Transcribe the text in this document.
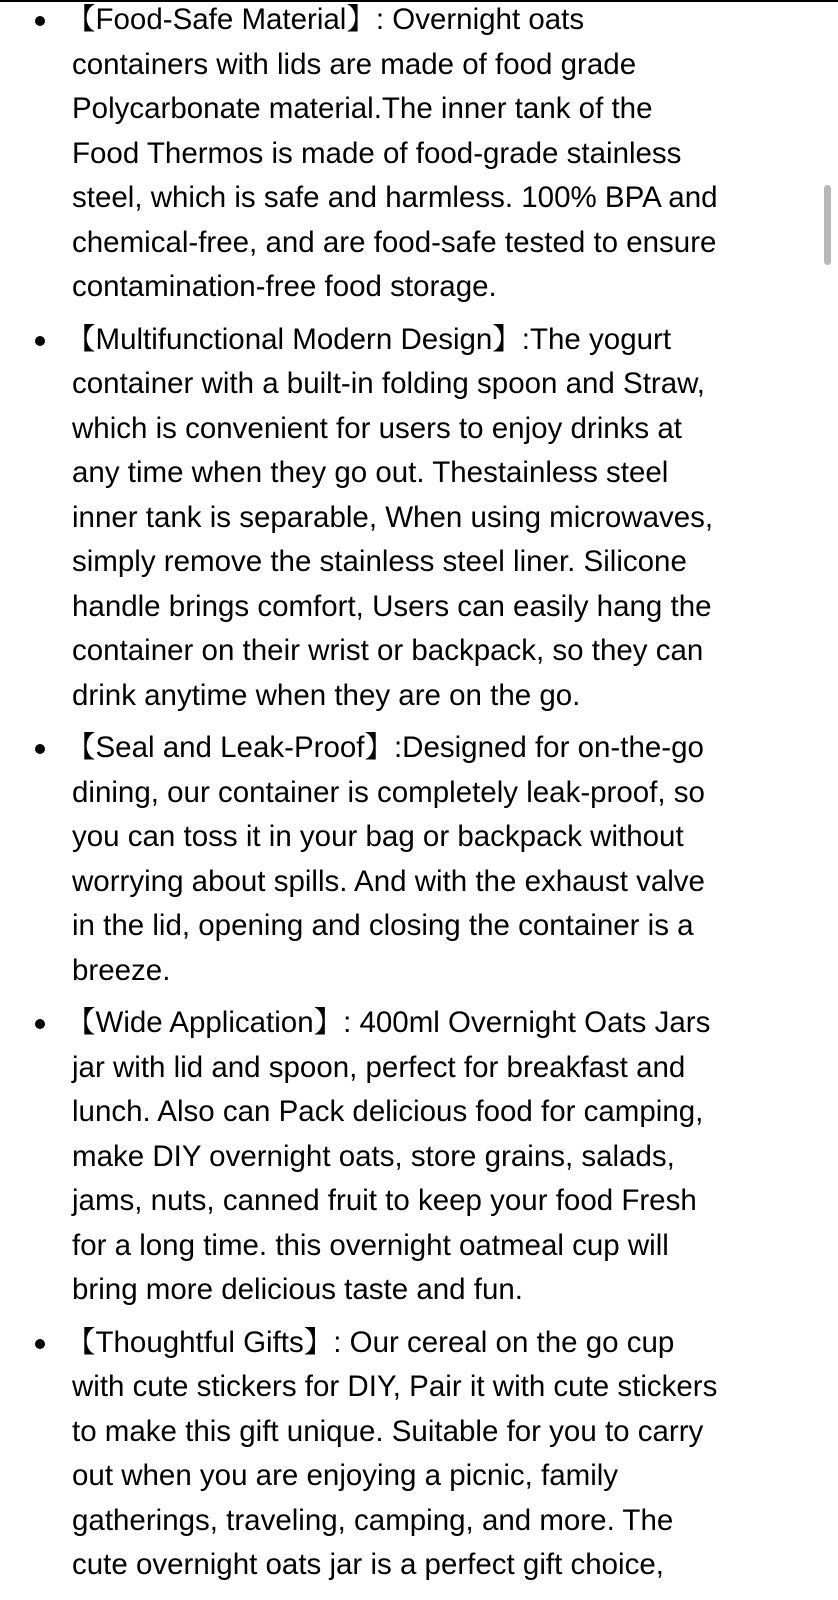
【Food-Safe Material】: Overnight oats
containers with lids are made of food grade
Polycarbonate material.The inner tank of the
Food Thermos is made of food-grade stainless
steel, which is safe and harmless. 100% BPA and
chemical-free, and are food-safe tested to ensure
contamination-free food storage.
【Multifunctional Modern Design】:The yogurt
container with a built-in folding spoon and Straw,
which is convenient for users to enjoy drinks at
any time when they go out. Thestainless steel
inner tank is separable, When using microwaves,
simply remove the stainless steel liner. Silicone
handle brings comfort, Users can easily hang the
container on their wrist or backpack, so they can
drink anytime when they are on the go.
【Seal and Leak-Proof】:Designed for on-the-go
dining, our container is completely leak-proof, so
you can toss it in your bag or backpack without
worrying about spills. And with the exhaust valve
in the lid, opening and closing the container is a
breeze.
【Wide Application】: 400ml Overnight Oats Jars
jar with lid and spoon, perfect for breakfast and
lunch. Also can Pack delicious food for camping,
make DIY overnight oats, store grains, salads,
jams, nuts, canned fruit to keep your food Fresh
for a long time. this overnight oatmeal cup will
bring more delicious taste and fun.
【Thoughtful Gifts】: Our cereal on the go cup
with cute stickers for DIY, Pair it with cute stickers
to make this gift unique. Suitable for you to carry
out when you are enjoying a picnic, family
gatherings, traveling, camping, and more. The
cute overnight oats jar is a perfect gift choice,
